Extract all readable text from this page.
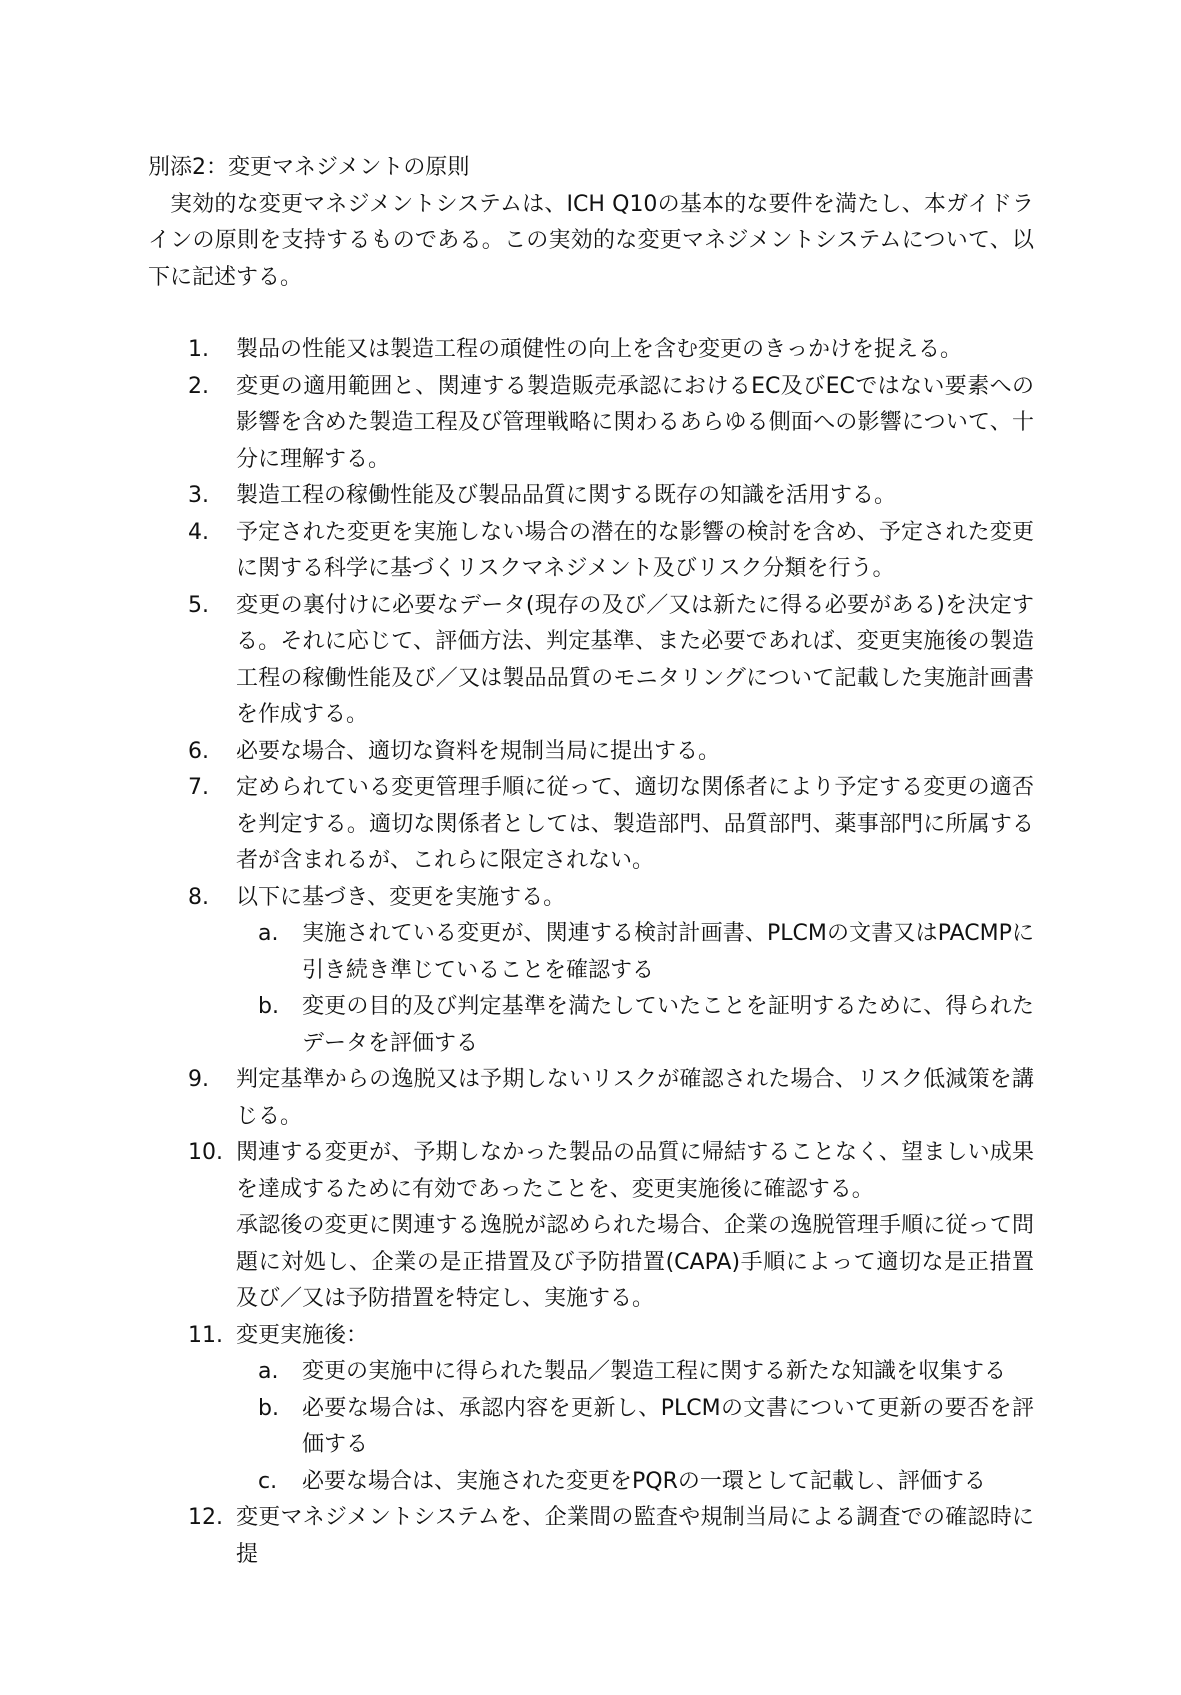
別添2：変更マネジメントの原則

実効的な変更マネジメントシステムは、ICH Q10の基本的な要件を満たし、本ガイドラインの原則を支持するものである。この実効的な変更マネジメントシステムについて、以下に記述する。

1. 製品の性能又は製造工程の頑健性の向上を含む変更のきっかけを捉える。
2. 変更の適用範囲と、関連する製造販売承認におけるEC及びECではない要素への影響を含めた製造工程及び管理戦略に関わるあらゆる側面への影響について、十分に理解する。
3. 製造工程の稼働性能及び製品品質に関する既存の知識を活用する。
4. 予定された変更を実施しない場合の潜在的な影響の検討を含め、予定された変更に関する科学に基づくリスクマネジメント及びリスク分類を行う。
5. 変更の裏付けに必要なデータ(現存の及び／又は新たに得る必要がある)を決定する。それに応じて、評価方法、判定基準、また必要であれば、変更実施後の製造工程の稼働性能及び／又は製品品質のモニタリングについて記載した実施計画書を作成する。
6. 必要な場合、適切な資料を規制当局に提出する。
7. 定められている変更管理手順に従って、適切な関係者により予定する変更の適否を判定する。適切な関係者としては、製造部門、品質部門、薬事部門に所属する者が含まれるが、これらに限定されない。
8. 以下に基づき、変更を実施する。
a. 実施されている変更が、関連する検討計画書、PLCMの文書又はPACMPに引き続き準じていることを確認する
b. 変更の目的及び判定基準を満たしていたことを証明するために、得られたデータを評価する
9. 判定基準からの逸脱又は予期しないリスクが確認された場合、リスク低減策を講じる。
10. 関連する変更が、予期しなかった製品の品質に帰結することなく、望ましい成果を達成するために有効であったことを、変更実施後に確認する。
承認後の変更に関連する逸脱が認められた場合、企業の逸脱管理手順に従って問題に対処し、企業の是正措置及び予防措置(CAPA)手順によって適切な是正措置及び／又は予防措置を特定し、実施する。
11. 変更実施後：
a. 変更の実施中に得られた製品／製造工程に関する新たな知識を収集する
b. 必要な場合は、承認内容を更新し、PLCMの文書について更新の要否を評価する
c. 必要な場合は、実施された変更をPQRの一環として記載し、評価する
12. 変更マネジメントシステムを、企業間の監査や規制当局による調査での確認時に提
